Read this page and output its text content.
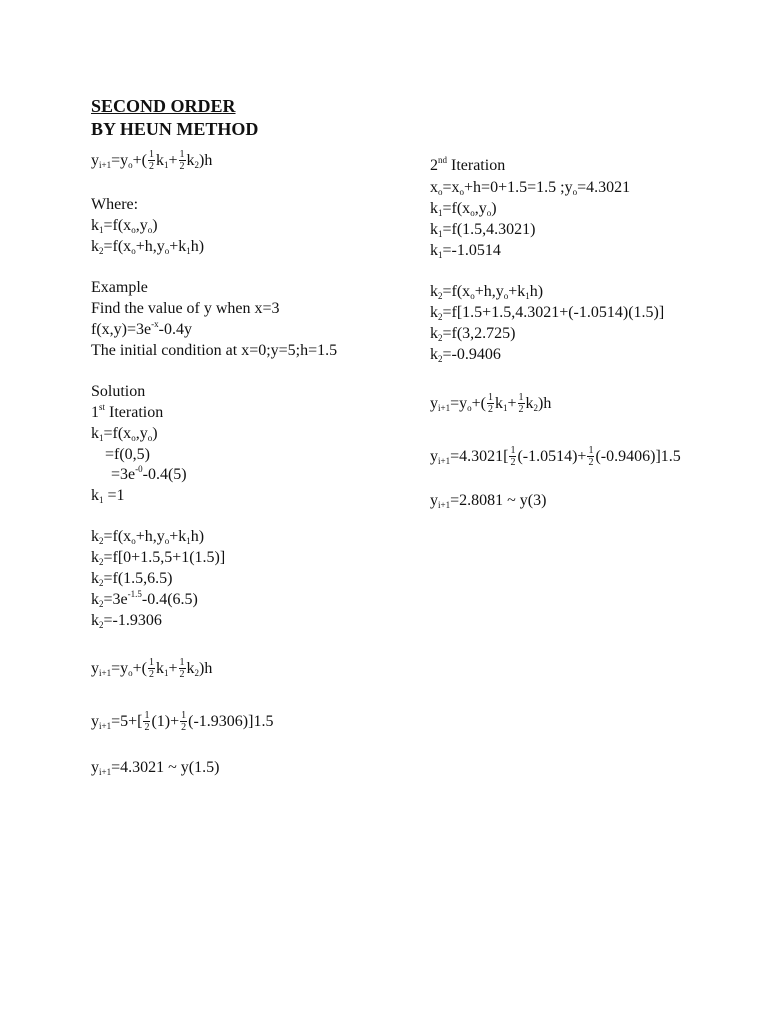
SECOND ORDER
BY HEUN METHOD
$y_{i+1}=y_o+( \frac{1}{2} k_1+ \frac{1}{2} k_2)h$
Where:
$k_1=f(x_o,y_o)$
$k_2=f(x_o+h,y_o+k_1h)$
Example
Find the value of y when x=3
$f(x,y)=3e^{-x}-0.4y$
The initial condition at x=0;y=5;h=1.5
Solution
1st Iteration
$k_1=f(x_o,y_o)$
=f(0,5)
$=3e^{-0}-0.4(5)$
$k_1 =1$
$k_2=f(x_o+h,y_o+k_1h)$
$k_2=f[0+1.5,5+1(1.5)]$
$k_2=f(1.5,6.5)$
$k_2=3e^{-1.5}-0.4(6.5)$
$k_2=-1.9306$
$y_{i+1}=y_o+( \frac{1}{2} k_1+ \frac{1}{2} k_2)h$
$y_{i+1}=5+[ \frac{1}{2} (1)+ \frac{1}{2} (-1.9306)]1.5$
$y_{i+1}=4.3021$ ~ y(1.5)
2nd Iteration
$x_o=x_o+h=0+1.5=1.5$ $;y_o=4.3021$
$k_1=f(x_o,y_o)$
$k_1=f(1.5,4.3021)$
$k_1=-1.0514$
$k_2=f(x_o+h,y_o+k_1h)$
$k_2=f[1.5+1.5,4.3021+(-1.0514)(1.5)]$
$k_2=f(3,2.725)$
$k_2=-0.9406$
$y_{i+1}=y_o+( \frac{1}{2} k_1+ \frac{1}{2} k_2)h$
$y_{i+1}=4.3021[ \frac{1}{2} (-1.0514)+ \frac{1}{2} (-0.9406)]1.5$
$y_{i+1}=2.8081$ ~ y(3)
